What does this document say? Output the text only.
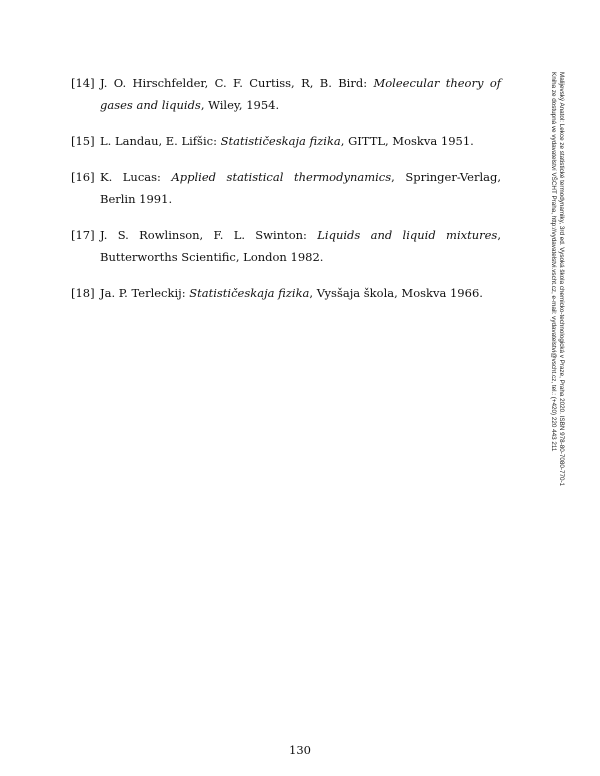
[14] J. O. Hirschfelder, C. F. Curtiss, R, B. Bird: Moleecular theory of gases and liquids, Wiley, 1954.
[15] L. Landau, E. Lifšic: Statističeskaja fizika, GITTL, Moskva 1951.
[16] K. Lucas: Applied statistical thermodynamics, Springer-Verlag, Berlin 1991.
[17] J. S. Rowlinson, F. L. Swinton: Liquids and liquid mixtures, Butterworths Scientific, London 1982.
[18] Ja. P. Terleckij: Statističeskaja fizika, Vysšaja škola, Moskva 1966.	Malijevský Anatol: Lekce ze statistické termodynamiky, 3rd ed. Vysoká škola chemicko-technologická v Praze, Praha 2020. ISBN 978-80-7080-770-1
Kniha ze dostupná ve vydavatelství VŠCHT Praha, http://vydavatelstvi.vscht.cz, e-mail: vydavatelstvi@vscht.cz, tel.: (+420) 220 443 211
130
